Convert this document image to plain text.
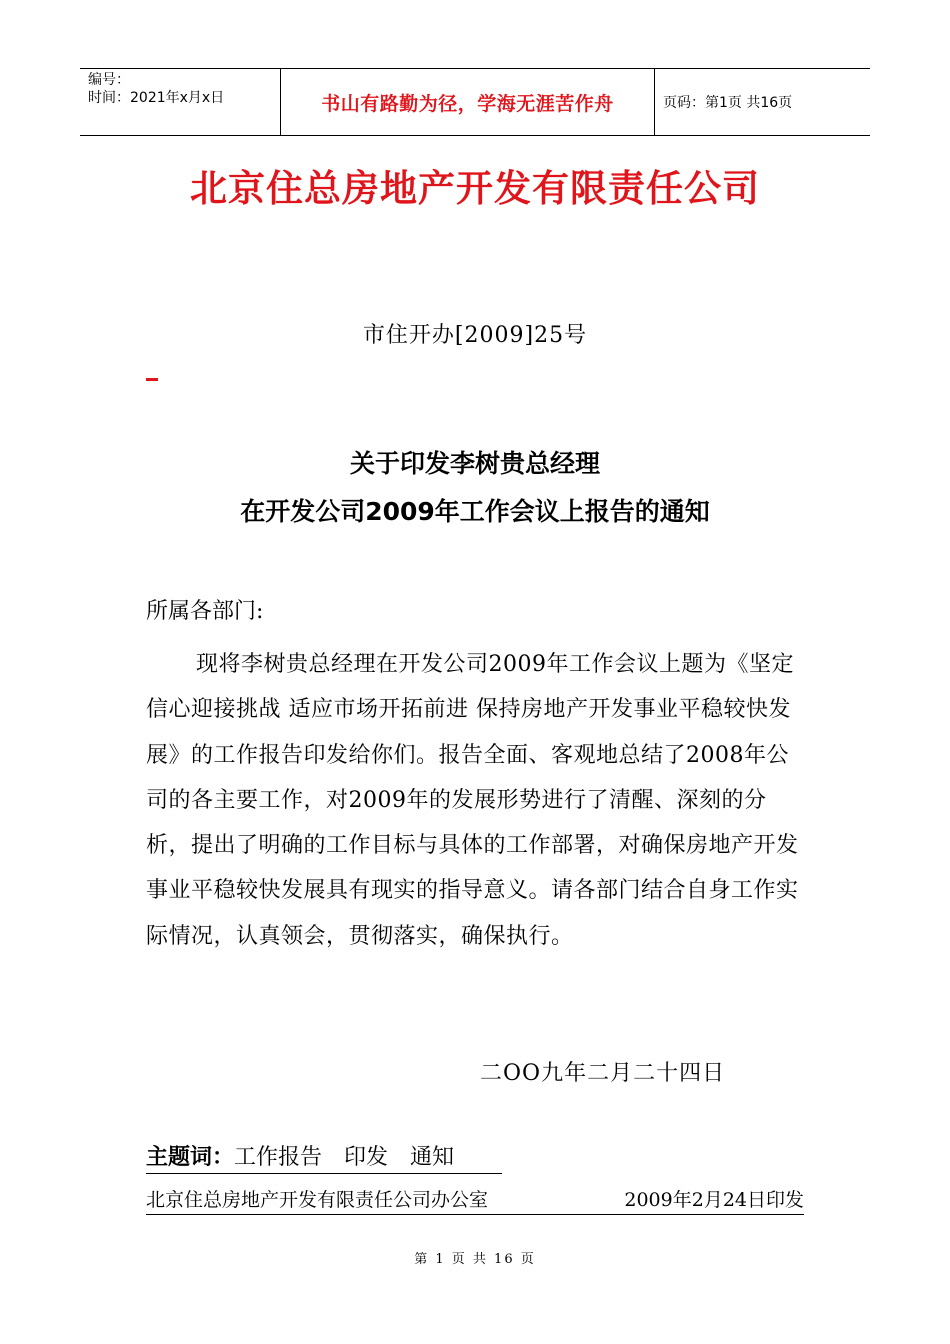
编号：
时间：2021年x月x日	书山有路勤为径，学海无涯苦作舟	页码：第1页 共16页
北京住总房地产开发有限责任公司
市住开办[2009]25号
关于印发李树贵总经理
在开发公司2009年工作会议上报告的通知
所属各部门:
现将李树贵总经理在开发公司2009年工作会议上题为《坚定信心迎接挑战 适应市场开拓前进 保持房地产开发事业平稳较快发展》的工作报告印发给你们。报告全面、客观地总结了2008年公司的各主要工作，对2009年的发展形势进行了清醒、深刻的分析，提出了明确的工作目标与具体的工作部署，对确保房地产开发事业平稳较快发展具有现实的指导意义。请各部门结合自身工作实际情况，认真领会，贯彻落实，确保执行。
二OO九年二月二十四日
主题词：工作报告　印发　通知
北京住总房地产开发有限责任公司办公室	2009年2月24日印发
第 1 页 共 16 页
